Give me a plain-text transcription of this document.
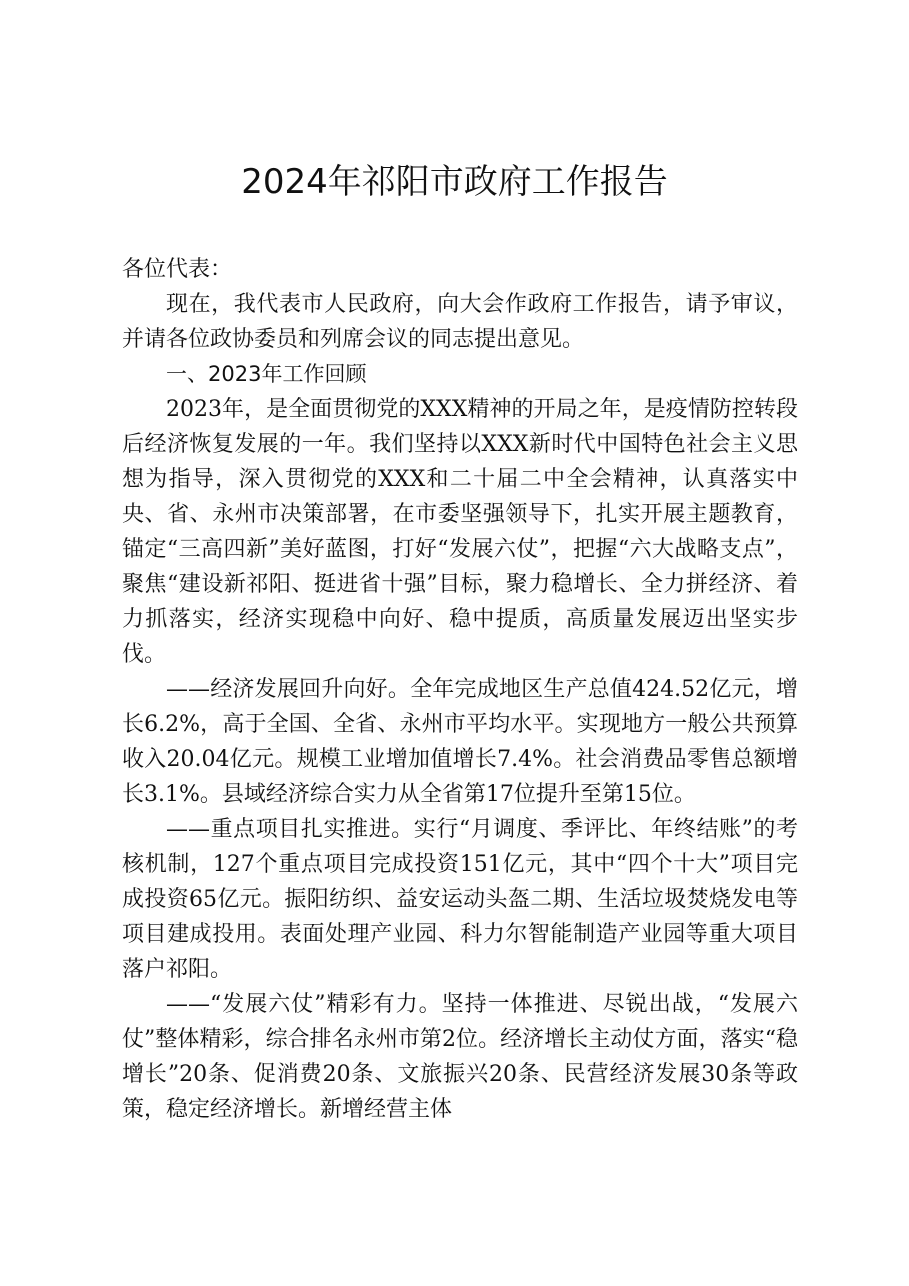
2024年祁阳市政府工作报告

各位代表：

现在，我代表市人民政府，向大会作政府工作报告，请予审议，并请各位政协委员和列席会议的同志提出意见。

一、2023年工作回顾

2023年，是全面贯彻党的XXX精神的开局之年，是疫情防控转段后经济恢复发展的一年。我们坚持以XXX新时代中国特色社会主义思想为指导，深入贯彻党的XXX和二十届二中全会精神，认真落实中央、省、永州市决策部署，在市委坚强领导下，扎实开展主题教育，锚定“三高四新”美好蓝图，打好“发展六仗”，把握“六大战略支点”，聚焦“建设新祁阳、挺进省十强”目标，聚力稳增长、全力拼经济、着力抓落实，经济实现稳中向好、稳中提质，高质量发展迈出坚实步伐。

——经济发展回升向好。全年完成地区生产总值424.52亿元，增长6.2%，高于全国、全省、永州市平均水平。实现地方一般公共预算收入20.04亿元。规模工业增加值增长7.4%。社会消费品零售总额增长3.1%。县域经济综合实力从全省第17位提升至第15位。

——重点项目扎实推进。实行“月调度、季评比、年终结账”的考核机制，127个重点项目完成投资151亿元，其中“四个十大”项目完成投资65亿元。振阳纺织、益安运动头盔二期、生活垃圾焚烧发电等项目建成投用。表面处理产业园、科力尔智能制造产业园等重大项目落户祁阳。

——“发展六仗”精彩有力。坚持一体推进、尽锐出战，“发展六仗”整体精彩，综合排名永州市第2位。经济增长主动仗方面，落实“稳增长”20条、促消费20条、文旅振兴20条、民营经济发展30条等政策，稳定经济增长。新增经营主体
